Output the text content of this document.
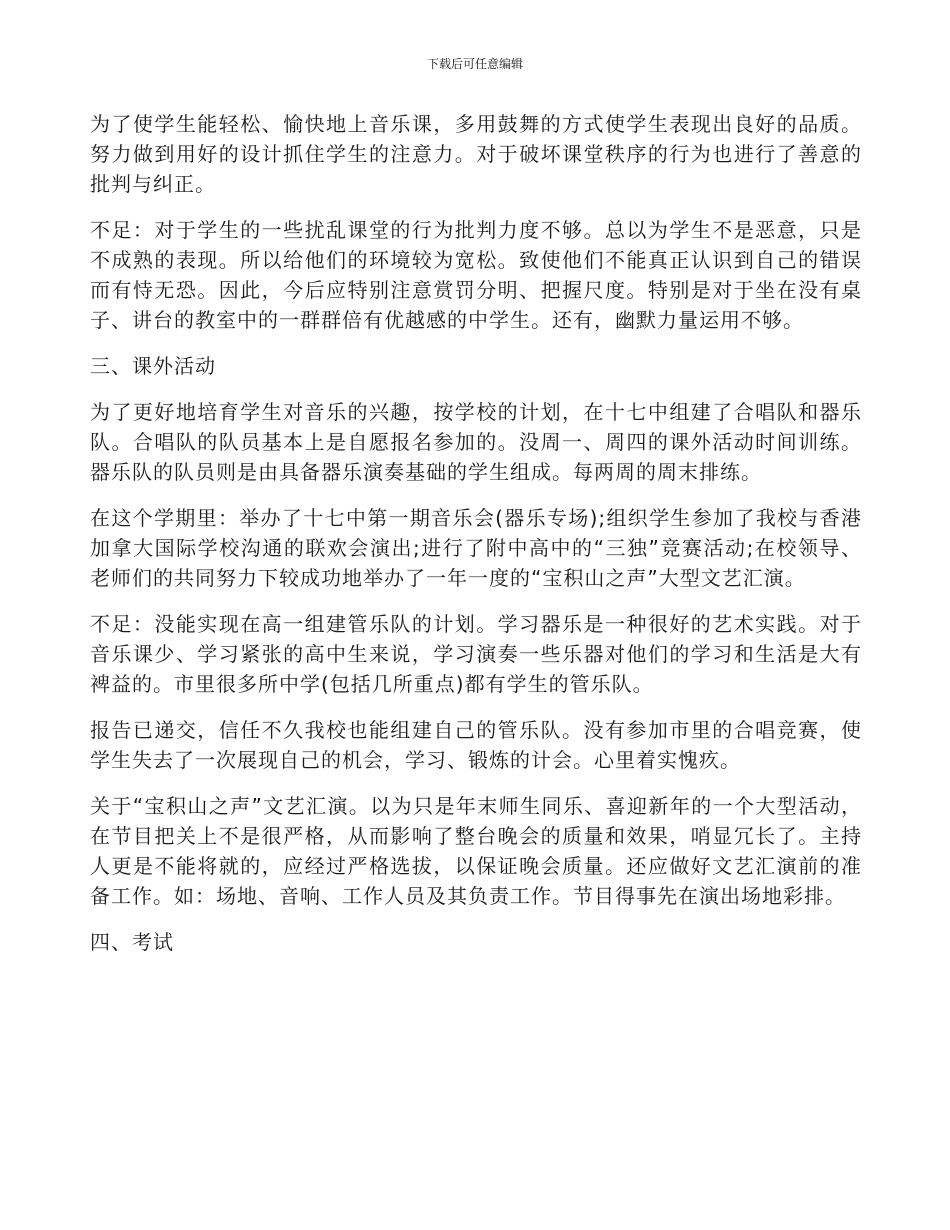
下载后可任意编辑

为了使学生能轻松、愉快地上音乐课，多用鼓舞的方式使学生表现出良好的品质。努力做到用好的设计抓住学生的注意力。对于破坏课堂秩序的行为也进行了善意的批判与纠正。

不足：对于学生的一些扰乱课堂的行为批判力度不够。总以为学生不是恶意，只是不成熟的表现。所以给他们的环境较为宽松。致使他们不能真正认识到自己的错误而有恃无恐。因此，今后应特别注意赏罚分明、把握尺度。特别是对于坐在没有桌子、讲台的教室中的一群群倍有优越感的中学生。还有，幽默力量运用不够。

三、课外活动

为了更好地培育学生对音乐的兴趣，按学校的计划，在十七中组建了合唱队和器乐队。合唱队的队员基本上是自愿报名参加的。没周一、周四的课外活动时间训练。器乐队的队员则是由具备器乐演奏基础的学生组成。每两周的周末排练。

在这个学期里：举办了十七中第一期音乐会(器乐专场);组织学生参加了我校与香港加拿大国际学校沟通的联欢会演出;进行了附中高中的“三独”竞赛活动;在校领导、老师们的共同努力下较成功地举办了一年一度的“宝积山之声”大型文艺汇演。

不足：没能实现在高一组建管乐队的计划。学习器乐是一种很好的艺术实践。对于音乐课少、学习紧张的高中生来说，学习演奏一些乐器对他们的学习和生活是大有裨益的。市里很多所中学(包括几所重点)都有学生的管乐队。

报告已递交，信任不久我校也能组建自己的管乐队。没有参加市里的合唱竞赛，使学生失去了一次展现自己的机会，学习、锻炼的计会。心里着实愧疚。

关于“宝积山之声”文艺汇演。以为只是年末师生同乐、喜迎新年的一个大型活动，在节目把关上不是很严格，从而影响了整台晚会的质量和效果，哨显冗长了。主持人更是不能将就的，应经过严格选拔，以保证晚会质量。还应做好文艺汇演前的准备工作。如：场地、音响、工作人员及其负责工作。节目得事先在演出场地彩排。

四、考试
